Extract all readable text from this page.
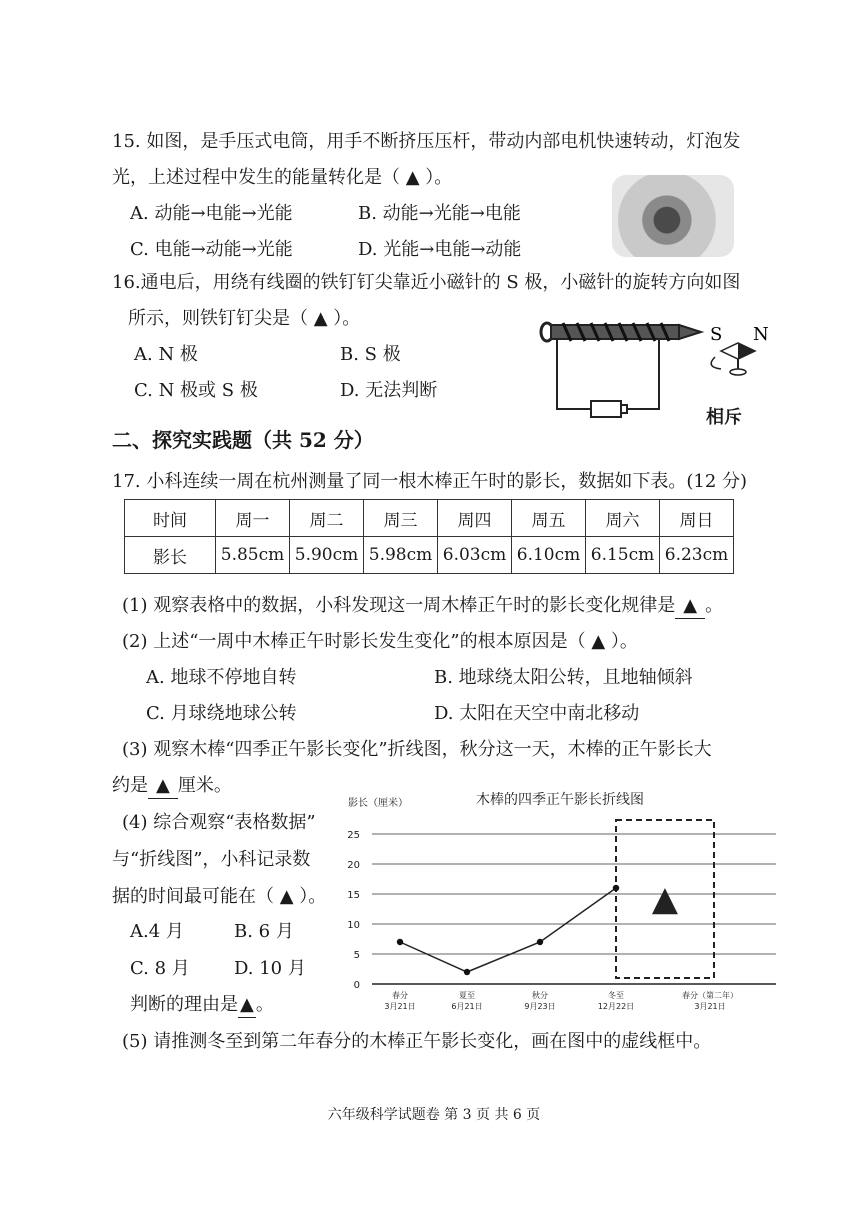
15. 如图，是手压式电筒，用手不断挤压压杆，带动内部电机快速转动，灯泡发
光，上述过程中发生的能量转化是（ ▲ ）。
A. 动能→电能→光能	B. 动能→光能→电能
C. 电能→动能→光能	D. 光能→电能→动能
16.通电后，用绕有线圈的铁钉钉尖靠近小磁针的 S 极，小磁针的旋转方向如图
所示，则铁钉钉尖是（ ▲ ）。
A. N 极	B. S 极
C. N 极或 S 极	D. 无法判断
S N
相斥
二、探究实践题（共 52 分）
17. 小科连续一周在杭州测量了同一根木棒正午时的影长，数据如下表。(12 分)
时间	周一	周二	周三	周四	周五	周六	周日
影长	5.85cm	5.90cm	5.98cm	6.03cm	6.10cm	6.15cm	6.23cm
(1) 观察表格中的数据，小科发现这一周木棒正午时的影长变化规律是 ▲ 。
(2) 上述“一周中木棒正午时影长发生变化”的根本原因是（ ▲ ）。
A. 地球不停地自转	B. 地球绕太阳公转，且地轴倾斜
C. 月球绕地球公转	D. 太阳在天空中南北移动
(3) 观察木棒“四季正午影长变化”折线图，秋分这一天，木棒的正午影长大
约是 ▲ 厘米。
(4) 综合观察“表格数据”
与“折线图”，小科记录数
据的时间最可能在（ ▲ ）。
A.4 月	B. 6 月
C. 8 月 D. 10 月
判断的理由是 ▲ 。
(5) 请推测冬至到第二年春分的木棒正午影长变化，画在图中的虚线框中。
木棒的四季正午影长折线图
影长（厘米）
0
5
10
15
20
25
▲
春分
3月21日
夏至
6月21日
秋分
9月23日
冬至
12月22日
春分（第二年）
3月21日
六年级科学试题卷 第 3 页 共 6 页
